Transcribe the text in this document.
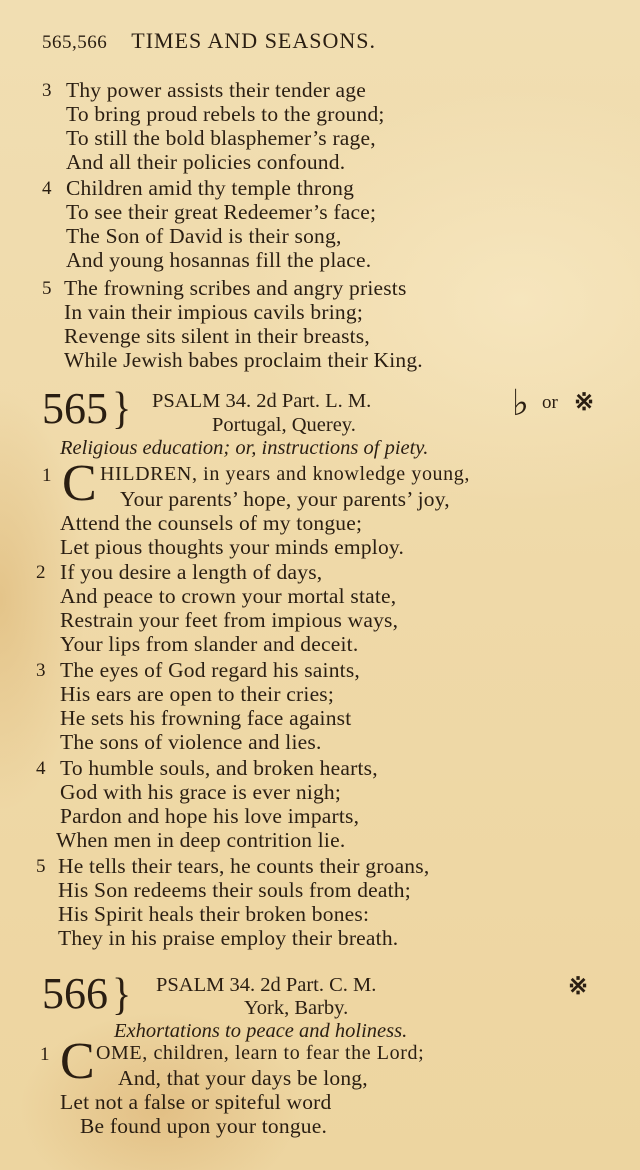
565,566 TIMES AND SEASONS.
3 Thy power assists their tender age
To bring proud rebels to the ground;
To still the bold blasphemer’s rage,
And all their policies confound.
4 Children amid thy temple throng
To see their great Redeemer’s face;
The Son of David is their song,
And young hosannas fill the place.
5 The frowning scribes and angry priests
In vain their impious cavils bring;
Revenge sits silent in their breasts,
While Jewish babes proclaim their King.
565 } PSALM 34. 2d Part. L. M.	♭ or ※
Portugal, Querey.
Religious education; or, instructions of piety.
1 C HILDREN, in years and knowledge young,
Your parents’ hope, your parents’ joy,
Attend the counsels of my tongue;
Let pious thoughts your minds employ.
2 If you desire a length of days,
And peace to crown your mortal state,
Restrain your feet from impious ways,
Your lips from slander and deceit.
3 The eyes of God regard his saints,
His ears are open to their cries;
He sets his frowning face against
The sons of violence and lies.
4 To humble souls, and broken hearts,
God with his grace is ever nigh;
Pardon and hope his love imparts,
When men in deep contrition lie.
5 He tells their tears, he counts their groans,
His Son redeems their souls from death;
His Spirit heals their broken bones:
They in his praise employ their breath.
566 } PSALM 34. 2d Part. C. M.	※
York, Barby.
Exhortations to peace and holiness.
1 C OME, children, learn to fear the Lord;
And, that your days be long,
Let not a false or spiteful word
Be found upon your tongue.
